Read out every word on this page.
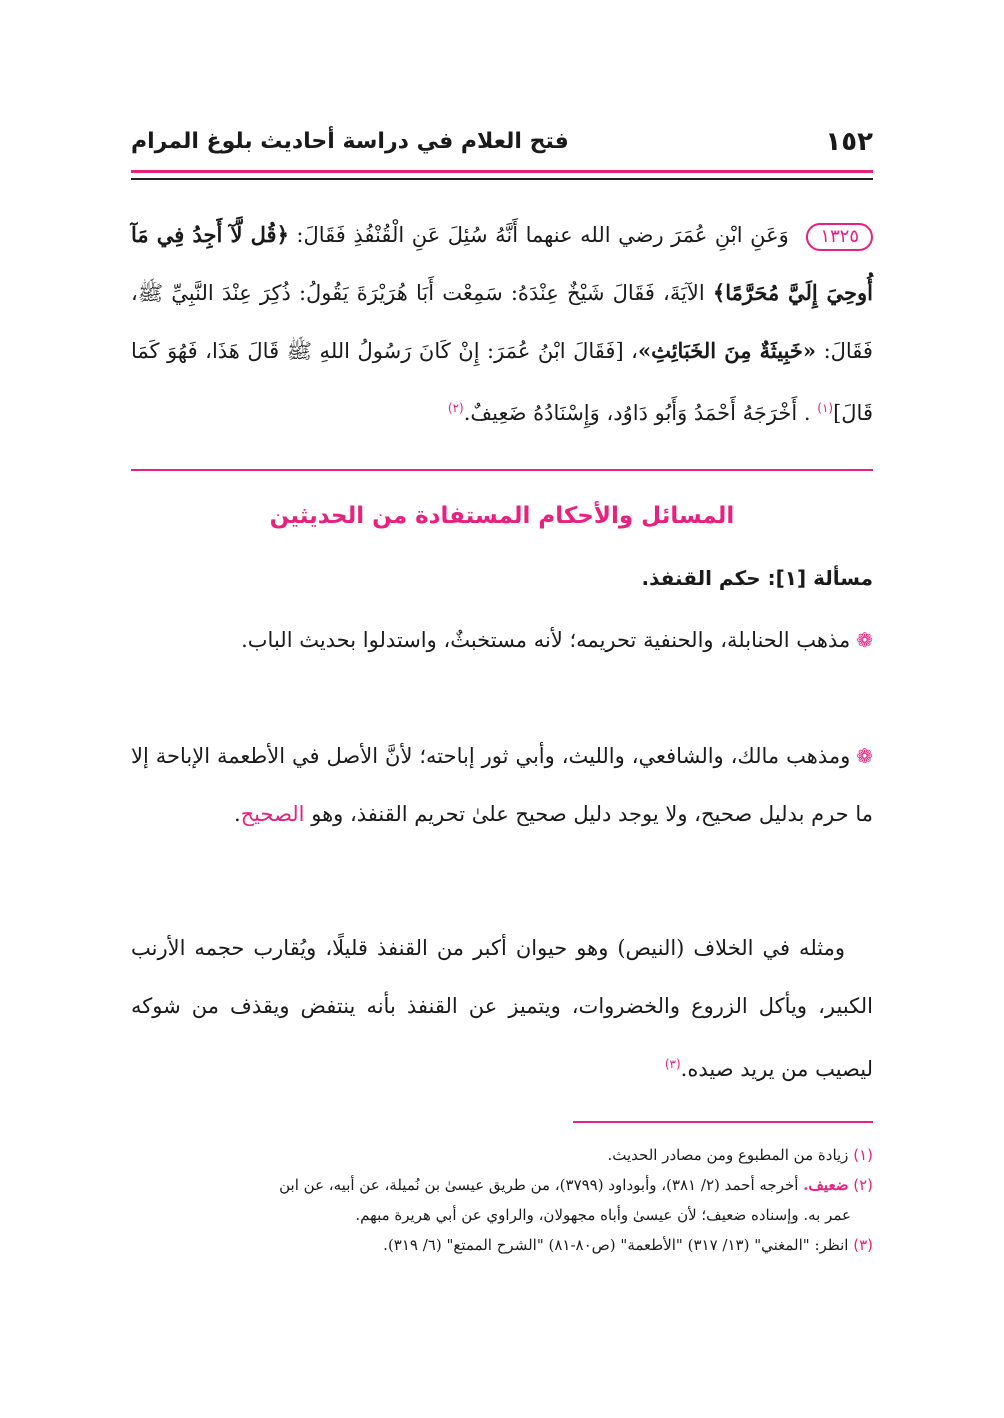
١٥٢
فتح العلام في دراسة أحاديث بلوغ المرام
١٣٢٥ وَعَنِ ابْنِ عُمَرَ رضي الله عنهما أَنَّهُ سُئِلَ عَنِ الْقُنْفُذِ فَقَالَ: ﴿قُل لَّآ أَجِدُ فِي مَآ أُوحِيَ إِلَيَّ مُحَرَّمًا﴾ الآيَةَ، فَقَالَ شَيْخٌ عِنْدَهُ: سَمِعْت أَبَا هُرَيْرَةَ يَقُولُ: ذُكِرَ عِنْدَ النَّبِيِّ ﷺ، فَقَالَ: «خَبِيثَةٌ مِنَ الخَبَائِثِ»، [فَقَالَ ابْنُ عُمَرَ: إِنْ كَانَ رَسُولُ اللهِ ﷺ قَالَ هَذَا، فَهُوَ كَمَا قَالَ]$^{(١)}$ . أَخْرَجَهُ أَحْمَدُ وَأَبُو دَاوُد، وَإِسْنَادُهُ ضَعِيفٌ.$^{(٢)}$
المسائل والأحكام المستفادة من الحديثين
مسألة [١]: حكم القنفذ.
❁مذهب الحنابلة، والحنفية تحريمه؛ لأنه مستخبثٌ، واستدلوا بحديث الباب.
❁ومذهب مالك، والشافعي، والليث، وأبي ثور إباحته؛ لأنَّ الأصل في الأطعمة الإباحة إلا ما حرم بدليل صحيح، ولا يوجد دليل صحيح علىٰ تحريم القنفذ، وهو الصحيح.
ومثله في الخلاف (النيص) وهو حيوان أكبر من القنفذ قليلًا، ويُقارب حجمه الأرنب الكبير، ويأكل الزروع والخضروات، ويتميز عن القنفذ بأنه ينتفض ويقذف من شوكه ليصيب من يريد صيده.$^{(٣)}$
(١) زيادة من المطبوع ومن مصادر الحديث.
(٢) ضعيف. أخرجه أحمد (٢/ ٣٨١)، وأبوداود (٣٧٩٩)، من طريق عيسىٰ بن نُميلة، عن أبيه، عن ابن
عمر به. وإسناده ضعيف؛ لأن عيسىٰ وأباه مجهولان، والراوي عن أبي هريرة مبهم.
(٣) انظر: "المغني" (١٣/ ٣١٧) "الأطعمة" (ص٨٠-٨١) "الشرح الممتع" (٦/ ٣١٩).
